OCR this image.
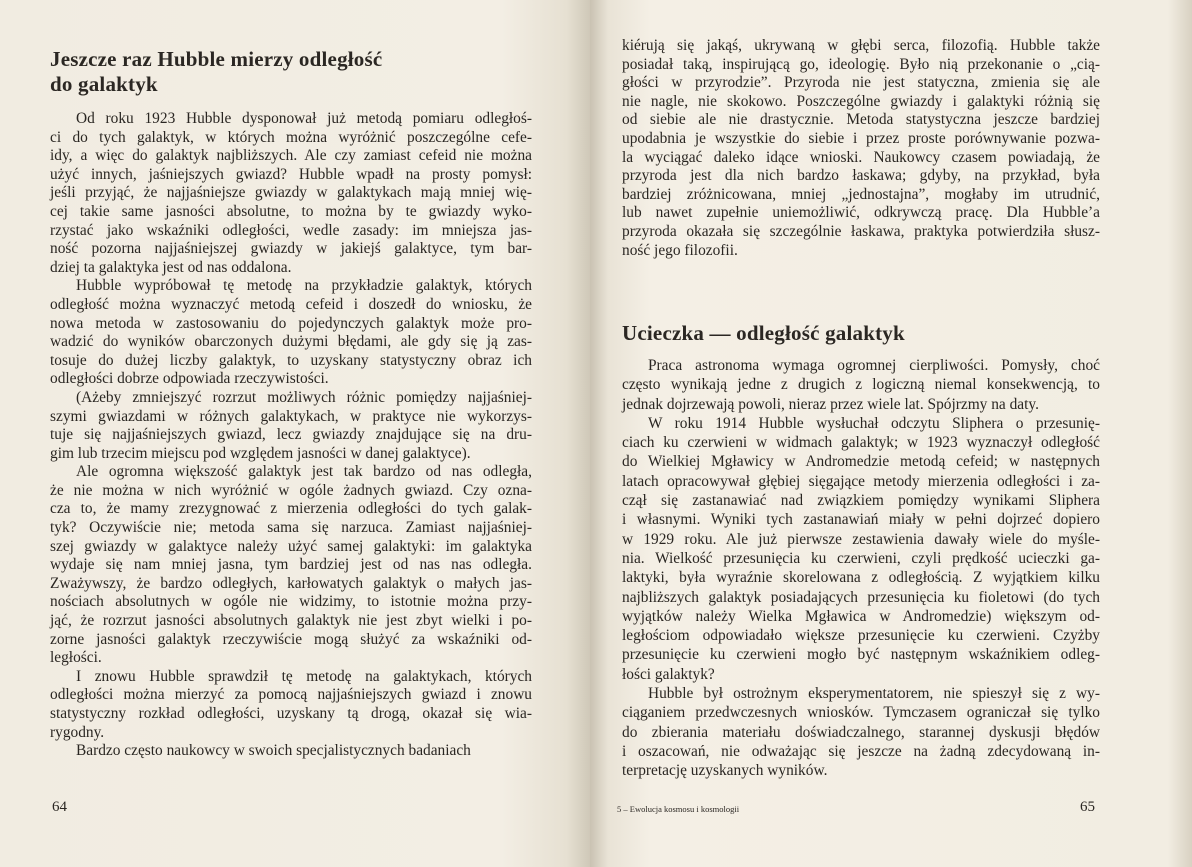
Jeszcze raz Hubble mierzy odległość
do galaktyk
Od roku 1923 Hubble dysponował już metodą pomiaru odległoś-
ci do tych galaktyk, w których można wyróżnić poszczególne cefe-
idy, a więc do galaktyk najbliższych. Ale czy zamiast cefeid nie można
użyć innych, jaśniejszych gwiazd? Hubble wpadł na prosty pomysł:
jeśli przyjąć, że najjaśniejsze gwiazdy w galaktykach mają mniej wię-
cej takie same jasności absolutne, to można by te gwiazdy wyko-
rzystać jako wskaźniki odległości, wedle zasady: im mniejsza jas-
ność pozorna najjaśniejszej gwiazdy w jakiejś galaktyce, tym bar-
dziej ta galaktyka jest od nas oddalona.
Hubble wypróbował tę metodę na przykładzie galaktyk, których
odległość można wyznaczyć metodą cefeid i doszedł do wniosku, że
nowa metoda w zastosowaniu do pojedynczych galaktyk może pro-
wadzić do wyników obarczonych dużymi błędami, ale gdy się ją zas-
tosuje do dużej liczby galaktyk, to uzyskany statystyczny obraz ich
odległości dobrze odpowiada rzeczywistości.
(Ażeby zmniejszyć rozrzut możliwych różnic pomiędzy najjaśniej-
szymi gwiazdami w różnych galaktykach, w praktyce nie wykorzys-
tuje się najjaśniejszych gwiazd, lecz gwiazdy znajdujące się na dru-
gim lub trzecim miejscu pod względem jasności w danej galaktyce).
Ale ogromna większość galaktyk jest tak bardzo od nas odległa,
że nie można w nich wyróżnić w ogóle żadnych gwiazd. Czy ozna-
cza to, że mamy zrezygnować z mierzenia odległości do tych galak-
tyk? Oczywiście nie; metoda sama się narzuca. Zamiast najjaśniej-
szej gwiazdy w galaktyce należy użyć samej galaktyki: im galaktyka
wydaje się nam mniej jasna, tym bardziej jest od nas nas odległa.
Zważywszy, że bardzo odległych, karłowatych galaktyk o małych jas-
nościach absolutnych w ogóle nie widzimy, to istotnie można przy-
jąć, że rozrzut jasności absolutnych galaktyk nie jest zbyt wielki i po-
zorne jasności galaktyk rzeczywiście mogą służyć za wskaźniki od-
ległości.
I znowu Hubble sprawdził tę metodę na galaktykach, których
odległości można mierzyć za pomocą najjaśniejszych gwiazd i znowu
statystyczny rozkład odległości, uzyskany tą drogą, okazał się wia-
rygodny.
Bardzo często naukowcy w swoich specjalistycznych badaniach
64
Ucieczka — odległość galaktyk
5 – Ewolucja kosmosu i kosmologii	65
kiérują się jakąś, ukrywaną w głębi serca, filozofią. Hubble także
posiadał taką, inspirującą go, ideologię. Było nią przekonanie o „cią-
głości w przyrodzie”. Przyroda nie jest statyczna, zmienia się ale
nie nagle, nie skokowo. Poszczególne gwiazdy i galaktyki różnią się
od siebie ale nie drastycznie. Metoda statystyczna jeszcze bardziej
upodabnia je wszystkie do siebie i przez proste porównywanie pozwa-
la wyciągać daleko idące wnioski. Naukowcy czasem powiadają, że
przyroda jest dla nich bardzo łaskawa; gdyby, na przykład, była
bardziej zróżnicowana, mniej „jednostajna”, mogłaby im utrudnić,
lub nawet zupełnie uniemożliwić, odkrywczą pracę. Dla Hubble’a
przyroda okazała się szczególnie łaskawa, praktyka potwierdziła słusz-
ność jego filozofii.
Praca astronoma wymaga ogromnej cierpliwości. Pomysły, choć
często wynikają jedne z drugich z logiczną niemal konsekwencją, to
jednak dojrzewają powoli, nieraz przez wiele lat. Spójrzmy na daty.
W roku 1914 Hubble wysłuchał odczytu Sliphera o przesunię-
ciach ku czerwieni w widmach galaktyk; w 1923 wyznaczył odległość
do Wielkiej Mgławicy w Andromedzie metodą cefeid; w następnych
latach opracowywał głębiej sięgające metody mierzenia odległości i za-
czął się zastanawiać nad związkiem pomiędzy wynikami Sliphera
i własnymi. Wyniki tych zastanawiań miały w pełni dojrzeć dopiero
w 1929 roku. Ale już pierwsze zestawienia dawały wiele do myśle-
nia. Wielkość przesunięcia ku czerwieni, czyli prędkość ucieczki ga-
laktyki, była wyraźnie skorelowana z odległością. Z wyjątkiem kilku
najbliższych galaktyk posiadających przesunięcia ku fioletowi (do tych
wyjątków należy Wielka Mgławica w Andromedzie) większym od-
ległościom odpowiadało większe przesunięcie ku czerwieni. Czyżby
przesunięcie ku czerwieni mogło być następnym wskaźnikiem odleg-
łości galaktyk?
Hubble był ostrożnym eksperymentatorem, nie spieszył się z wy-
ciąganiem przedwczesnych wniosków. Tymczasem ograniczał się tylko
do zbierania materiału doświadczalnego, starannej dyskusji błędów
i oszacowań, nie odważając się jeszcze na żadną zdecydowaną in-
terpretację uzyskanych wyników.
